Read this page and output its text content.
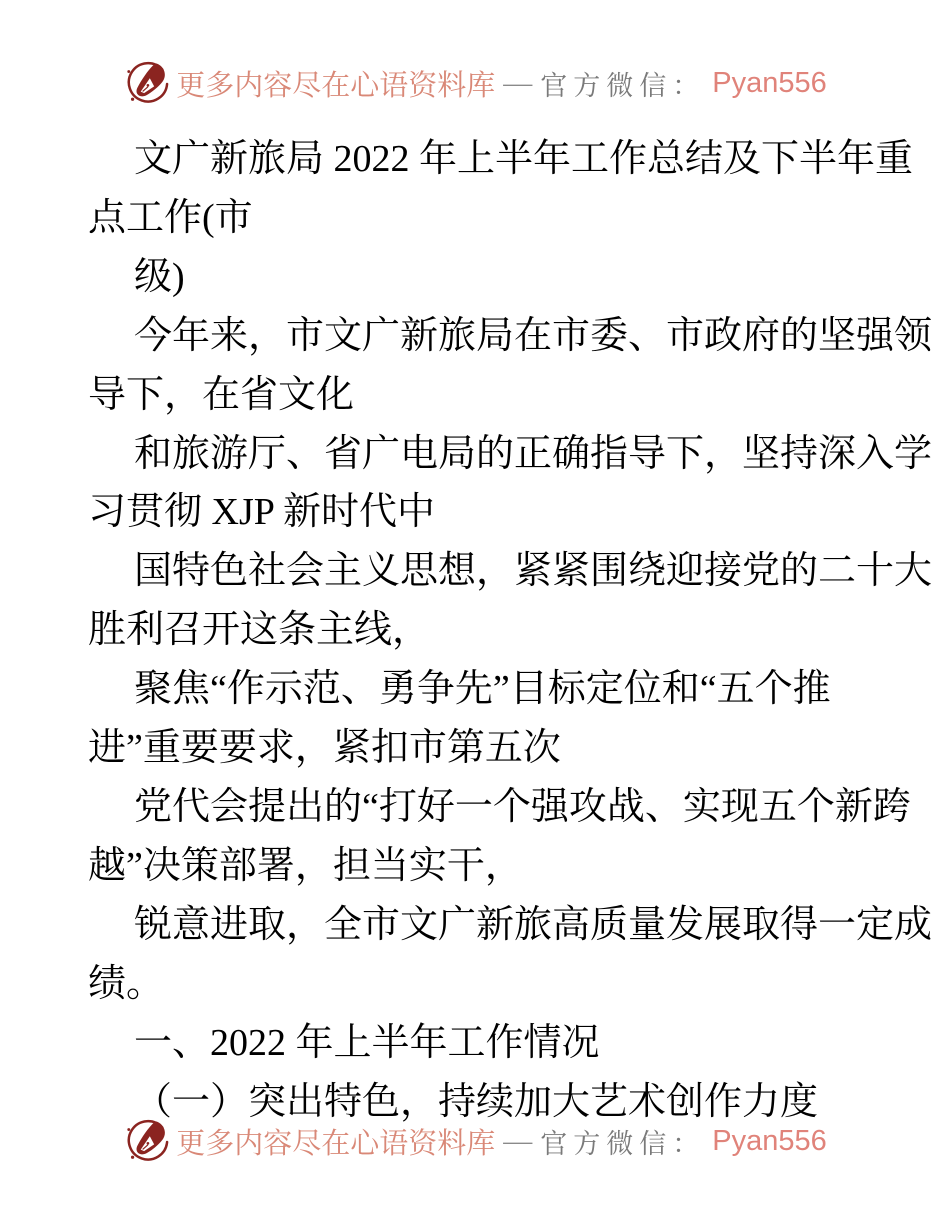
更多内容尽在心语资料库 — 官方微信： Pyan556
文广新旅局 2022 年上半年工作总结及下半年重
点工作(市
级)
今年来，市文广新旅局在市委、市政府的坚强领
导下，在省文化
和旅游厅、省广电局的正确指导下，坚持深入学
习贯彻 XJP 新时代中
国特色社会主义思想，紧紧围绕迎接党的二十大
胜利召开这条主线，
聚焦“作示范、勇争先”目标定位和“五个推
进”重要要求，紧扣市第五次
党代会提出的“打好一个强攻战、实现五个新跨
越”决策部署，担当实干，
锐意进取，全市文广新旅高质量发展取得一定成
绩。
一、2022 年上半年工作情况
（一）突出特色，持续加大艺术创作力度
更多内容尽在心语资料库 — 官方微信： Pyan556
